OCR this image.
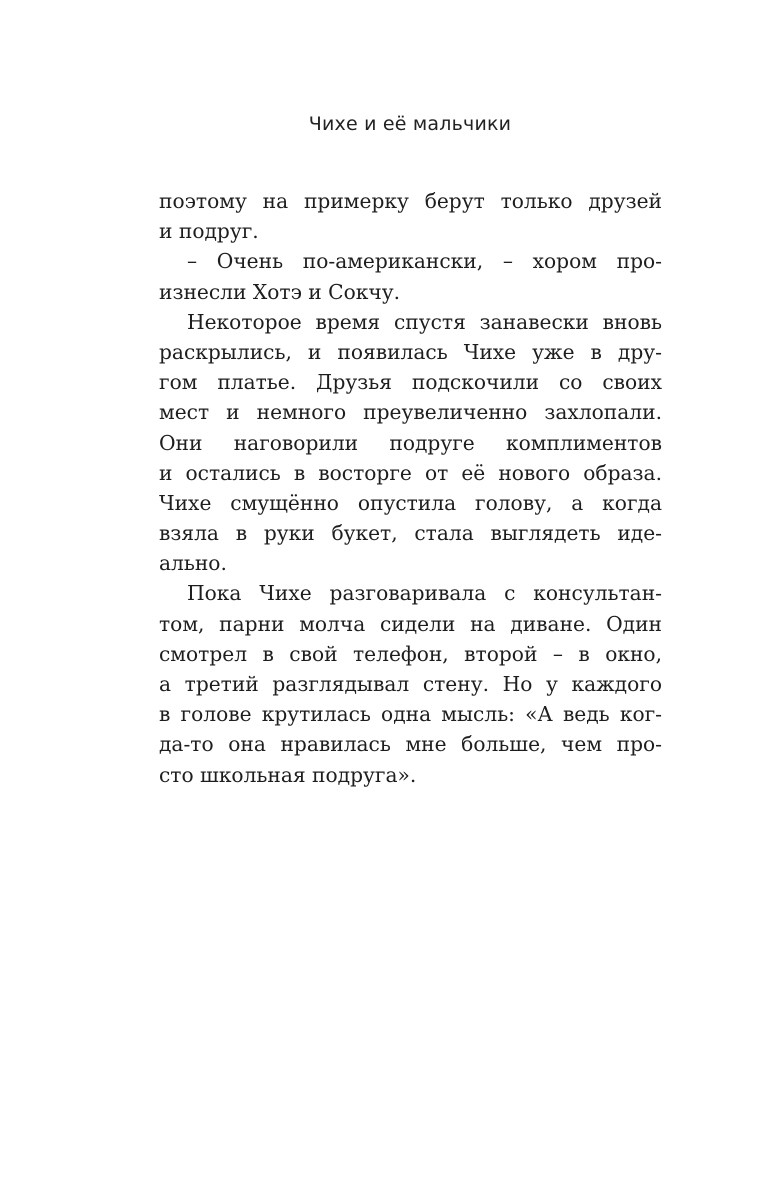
Чихе и её мальчики
поэтому на примерку берут только друзей
и подруг.
– Очень по-американски, – хором про-
изнесли Хотэ и Сокчу.
Некоторое время спустя занавески вновь
раскрылись, и появилась Чихе уже в дру-
гом платье. Друзья подскочили со своих
мест и немного преувеличенно захлопали.
Они наговорили подруге комплиментов
и остались в восторге от её нового образа.
Чихе смущённо опустила голову, а когда
взяла в руки букет, стала выглядеть иде-
ально.
Пока Чихе разговаривала с консультан-
том, парни молча сидели на диване. Один
смотрел в свой телефон, второй – в окно,
а третий разглядывал стену. Но у каждого
в голове крутилась одна мысль: «А ведь ког-
да-то она нравилась мне больше, чем про-
сто школьная подруга».
